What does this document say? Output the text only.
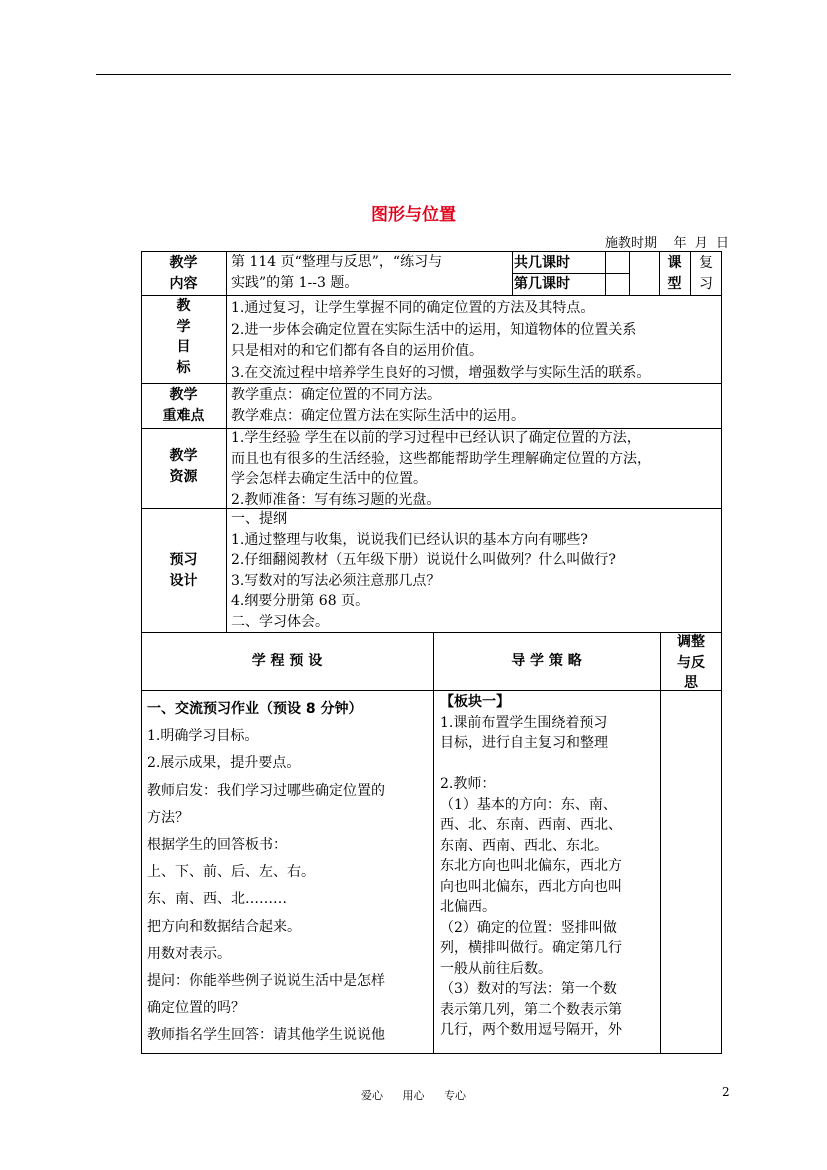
图形与位置
施教时期    年  月  日
教学
内容
第 114 页“整理与反思”，“练习与
实践”的第 1--3 题。
共几课时
第几课时
课
型
复
习
教
学
目
标
1.通过复习，让学生掌握不同的确定位置的方法及其特点。
2.进一步体会确定位置在实际生活中的运用，知道物体的位置关系
只是相对的和它们都有各自的运用价值。
3.在交流过程中培养学生良好的习惯，增强数学与实际生活的联系。
教学
重难点
教学重点：确定位置的不同方法。
教学难点：确定位置方法在实际生活中的运用。
教学
资源
1.学生经验 学生在以前的学习过程中已经认识了确定位置的方法，
而且也有很多的生活经验，这些都能帮助学生理解确定位置的方法，
学会怎样去确定生活中的位置。
2.教师准备：写有练习题的光盘。
预习
设计
一、提纲
1.通过整理与收集，说说我们已经认识的基本方向有哪些?
2.仔细翻阅教材（五年级下册）说说什么叫做列？什么叫做行?
3.写数对的写法必须注意那几点？
4.纲要分册第 68 页。
二、学习体会。
学 程 预 设	导 学 策 略
调整
与反
思
一、交流预习作业（预设 8 分钟）
1.明确学习目标。
2.展示成果，提升要点。
教师启发：我们学习过哪些确定位置的
方法？
根据学生的回答板书：
上、下、前、后、左、右。
东、南、西、北………
把方向和数据结合起来。
用数对表示。
提问：你能举些例子说说生活中是怎样
确定位置的吗？
教师指名学生回答：请其他学生说说他
【板块一】
1.课前布置学生围绕着预习
目标，进行自主复习和整理
2.教师：
（1）基本的方向：东、南、
西、北、东南、西南、西北、
东南、西南、西北、东北。
东北方向也叫北偏东，西北方
向也叫北偏东，西北方向也叫
北偏西。
（2）确定的位置：竖排叫做
列，横排叫做行。确定第几行
一般从前往后数。
（3）数对的写法：第一个数
表示第几列，第二个数表示第
几行，两个数用逗号隔开，外
爱心 用心 专心	2
